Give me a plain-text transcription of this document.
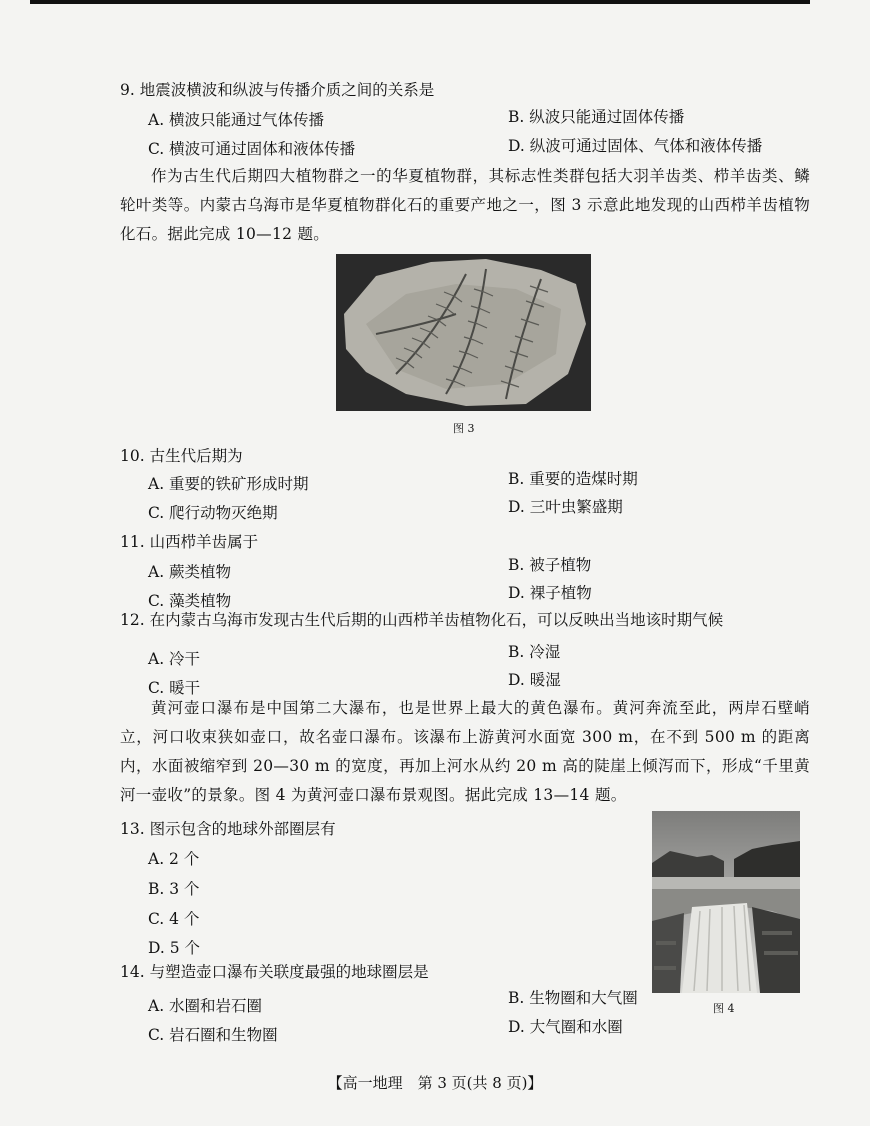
9. 地震波横波和纵波与传播介质之间的关系是
A. 横波只能通过气体传播	B. 纵波只能通过固体传播
C. 横波可通过固体和液体传播	D. 纵波可通过固体、气体和液体传播
作为古生代后期四大植物群之一的华夏植物群，其标志性类群包括大羽羊齿类、栉羊齿类、鳞轮叶类等。内蒙古乌海市是华夏植物群化石的重要产地之一，图 3 示意此地发现的山西栉羊齿植物化石。据此完成 10—12 题。
图 3
10. 古生代后期为
A. 重要的铁矿形成时期	B. 重要的造煤时期
C. 爬行动物灭绝期	D. 三叶虫繁盛期
11. 山西栉羊齿属于
A. 蕨类植物	B. 被子植物
C. 藻类植物	D. 裸子植物
12. 在内蒙古乌海市发现古生代后期的山西栉羊齿植物化石，可以反映出当地该时期气候
A. 冷干	B. 冷湿
C. 暖干	D. 暖湿
黄河壶口瀑布是中国第二大瀑布，也是世界上最大的黄色瀑布。黄河奔流至此，两岸石壁峭立，河口收束狭如壶口，故名壶口瀑布。该瀑布上游黄河水面宽 300 m，在不到 500 m 的距离内，水面被缩窄到 20—30 m 的宽度，再加上河水从约 20 m 高的陡崖上倾泻而下，形成“千里黄河一壶收”的景象。图 4 为黄河壶口瀑布景观图。据此完成 13—14 题。
13. 图示包含的地球外部圈层有
A. 2 个
B. 3 个
C. 4 个
D. 5 个
图 4
14. 与塑造壶口瀑布关联度最强的地球圈层是
A. 水圈和岩石圈	B. 生物圈和大气圈
C. 岩石圈和生物圈	D. 大气圈和水圈
【高一地理　第 3 页(共 8 页)】
